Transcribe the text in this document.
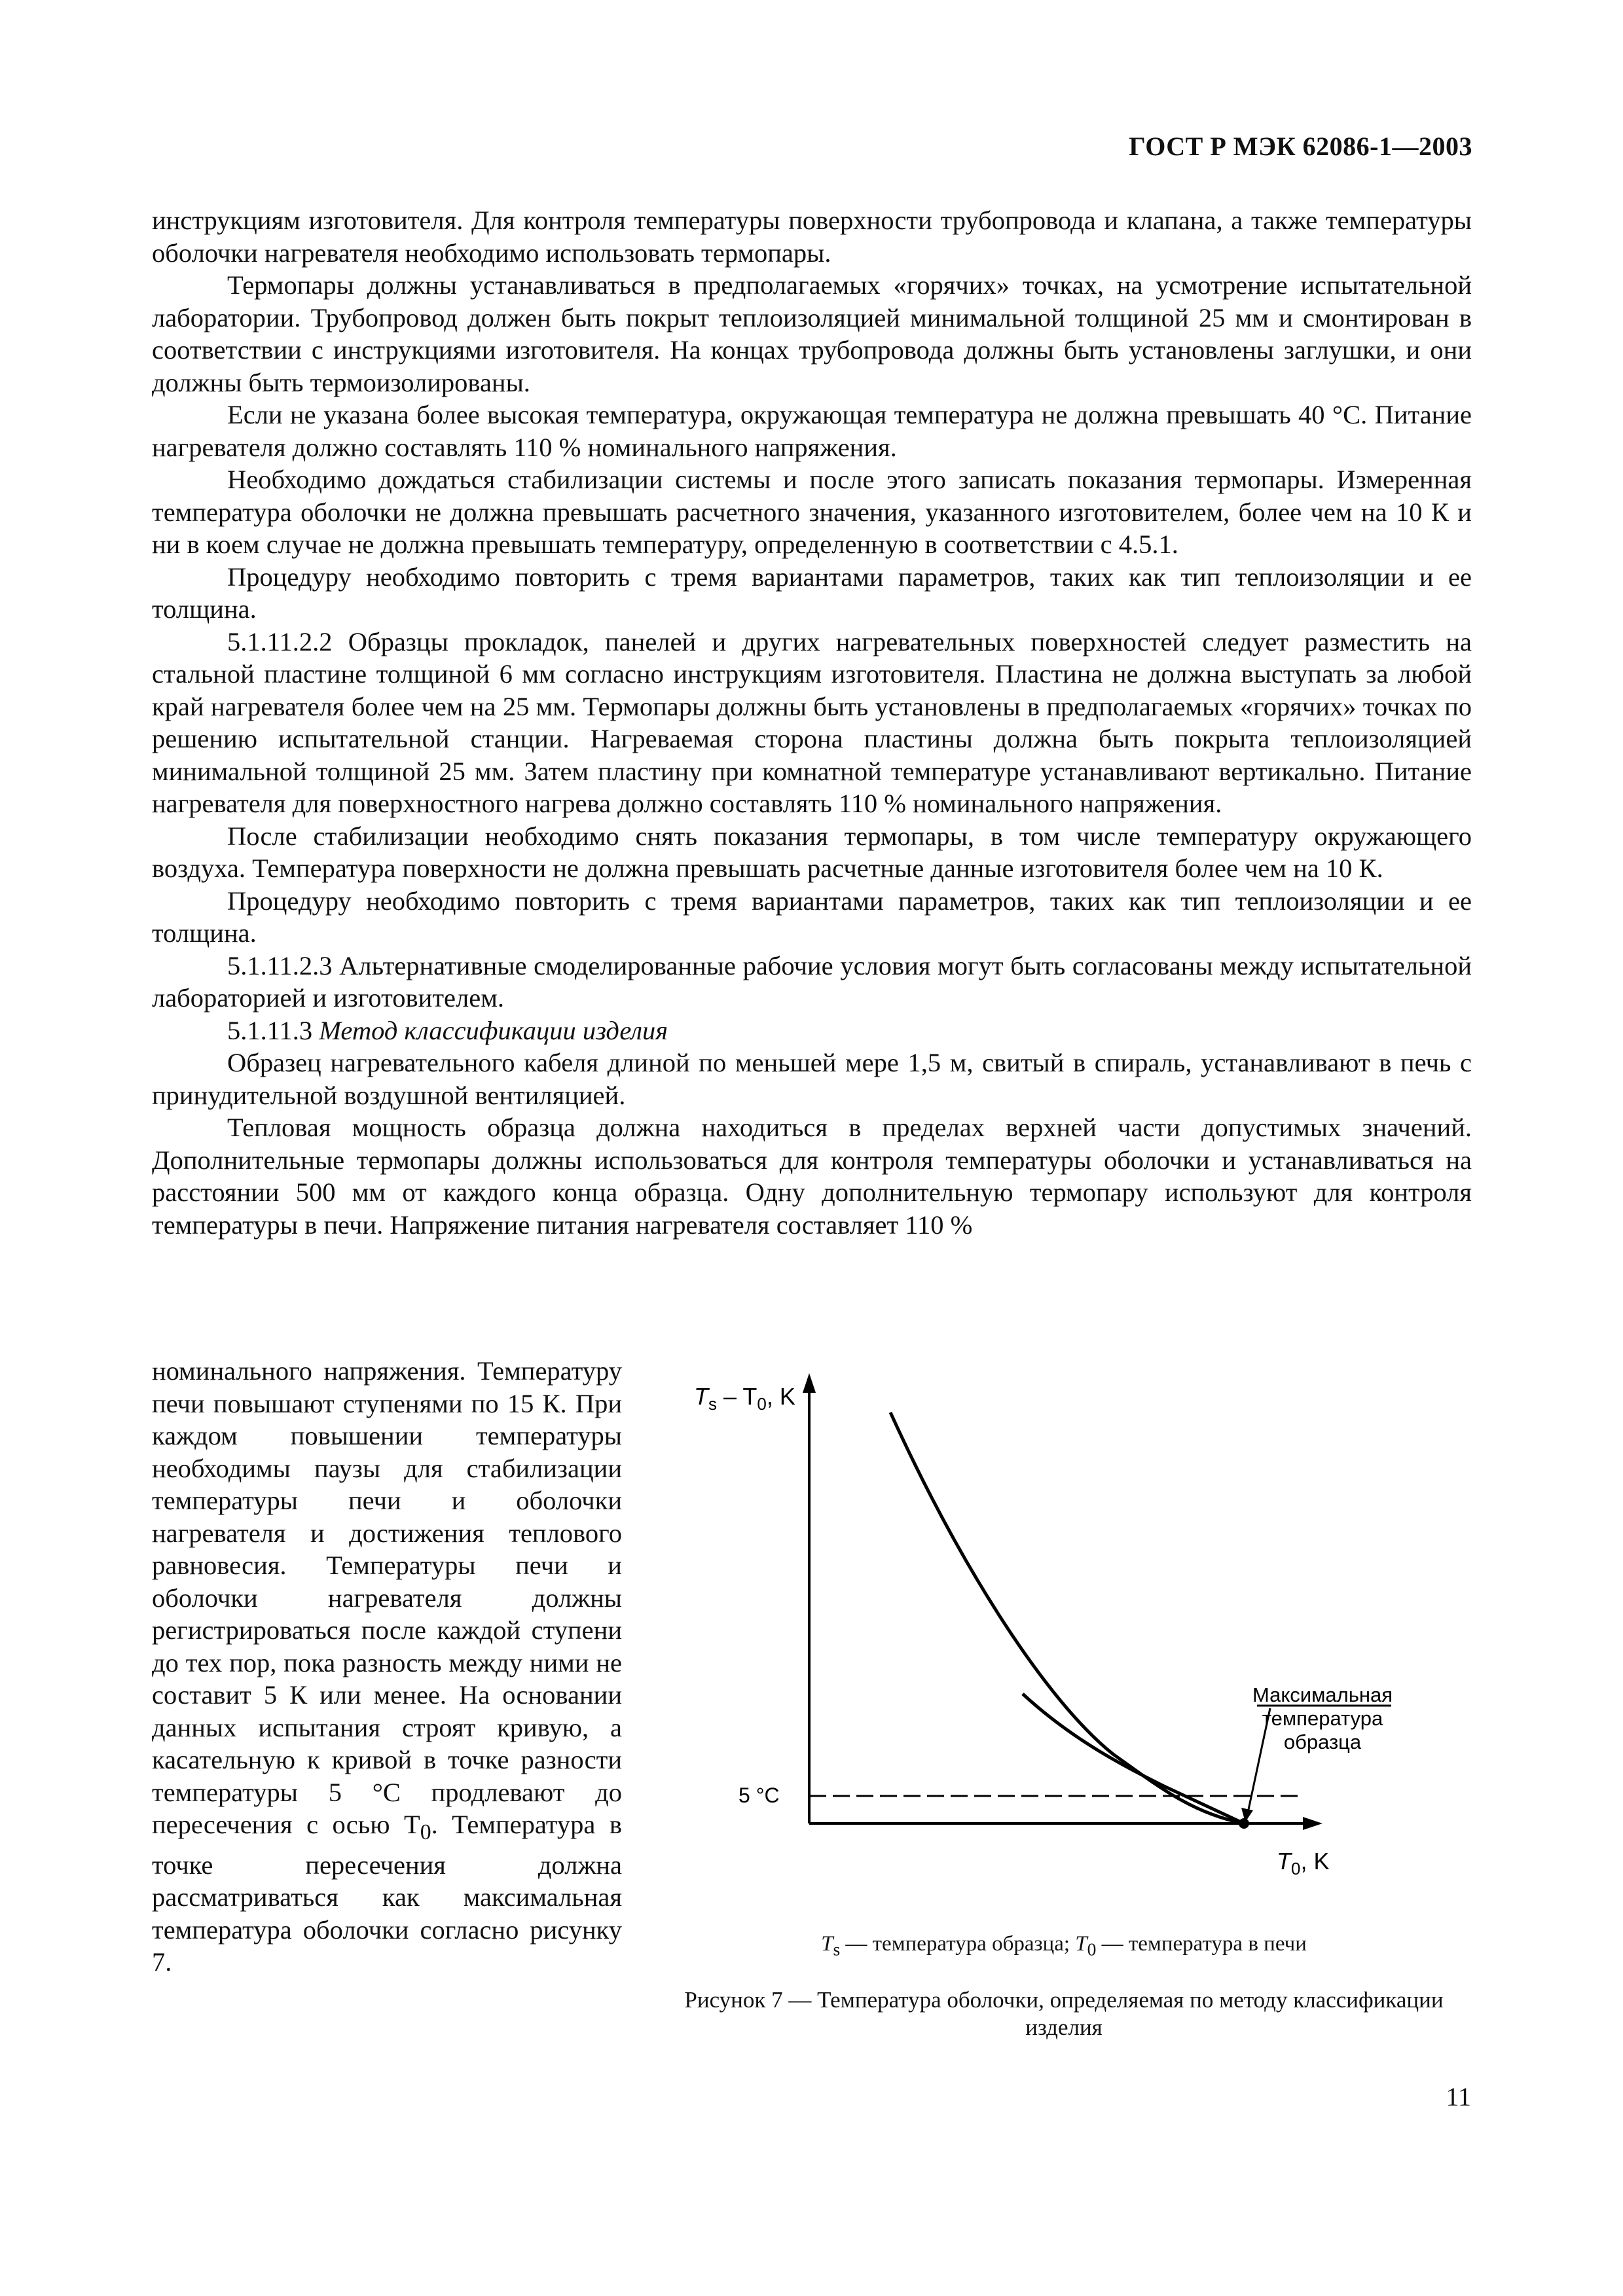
ГОСТ Р МЭК 62086-1—2003

инструкциям изготовителя. Для контроля температуры поверхности трубопровода и клапана, а также температуры оболочки нагревателя необходимо использовать термопары.

Термопары должны устанавливаться в предполагаемых «горячих» точках, на усмотрение испытательной лаборатории. Трубопровод должен быть покрыт теплоизоляцией минимальной толщиной 25 мм и смонтирован в соответствии с инструкциями изготовителя. На концах трубопровода должны быть установлены заглушки, и они должны быть термоизолированы.

Если не указана более высокая температура, окружающая температура не должна превышать 40 °С. Питание нагревателя должно составлять 110 % номинального напряжения.

Необходимо дождаться стабилизации системы и после этого записать показания термопары. Измеренная температура оболочки не должна превышать расчетного значения, указанного изготовителем, более чем на 10 К и ни в коем случае не должна превышать температуру, определенную в соответствии с 4.5.1.

Процедуру необходимо повторить с тремя вариантами параметров, таких как тип теплоизоляции и ее толщина.

5.1.11.2.2 Образцы прокладок, панелей и других нагревательных поверхностей следует разместить на стальной пластине толщиной 6 мм согласно инструкциям изготовителя. Пластина не должна выступать за любой край нагревателя более чем на 25 мм. Термопары должны быть установлены в предполагаемых «горячих» точках по решению испытательной станции. Нагреваемая сторона пластины должна быть покрыта теплоизоляцией минимальной толщиной 25 мм. Затем пластину при комнатной температуре устанавливают вертикально. Питание нагревателя для поверхностного нагрева должно составлять 110 % номинального напряжения.

После стабилизации необходимо снять показания термопары, в том числе температуру окружающего воздуха. Температура поверхности не должна превышать расчетные данные изготовителя более чем на 10 К.

Процедуру необходимо повторить с тремя вариантами параметров, таких как тип теплоизоляции и ее толщина.

5.1.11.2.3 Альтернативные смоделированные рабочие условия могут быть согласованы между испытательной лабораторией и изготовителем.

5.1.11.3 Метод классификации изделия

Образец нагревательного кабеля длиной по меньшей мере 1,5 м, свитый в спираль, устанавливают в печь с принудительной воздушной вентиляцией.

Тепловая мощность образца должна находиться в пределах верхней части допустимых значений. Дополнительные термопары должны использоваться для контроля температуры оболочки и устанавливаться на расстоянии 500 мм от каждого конца образца. Одну дополнительную термопару используют для контроля температуры в печи. Напряжение питания нагревателя составляет 110 %

номинального напряжения. Температуру печи повышают ступенями по 15 К. При каждом повышении температуры необходимы паузы для стабилизации температуры печи и оболочки нагревателя и достижения теплового равновесия. Температуры печи и оболочки нагревателя должны регистрироваться после каждой ступени до тех пор, пока разность между ними не составит 5 К или менее. На основании данных испытания строят кривую, а касательную к кривой в точке разности температуры 5 °С продлевают до пересечения с осью $T_0$. Температура в точке пересечения должна рассматриваться как максимальная температура оболочки согласно рисунку 7.

$T_s - T_0$, K
$T_0$, K
5 °C
Максимальная
температура
образца
$T_s$ — температура образца; $T_0$ — температура в печи
Рисунок 7 — Температура оболочки, определяемая по методу классификации изделия
11
